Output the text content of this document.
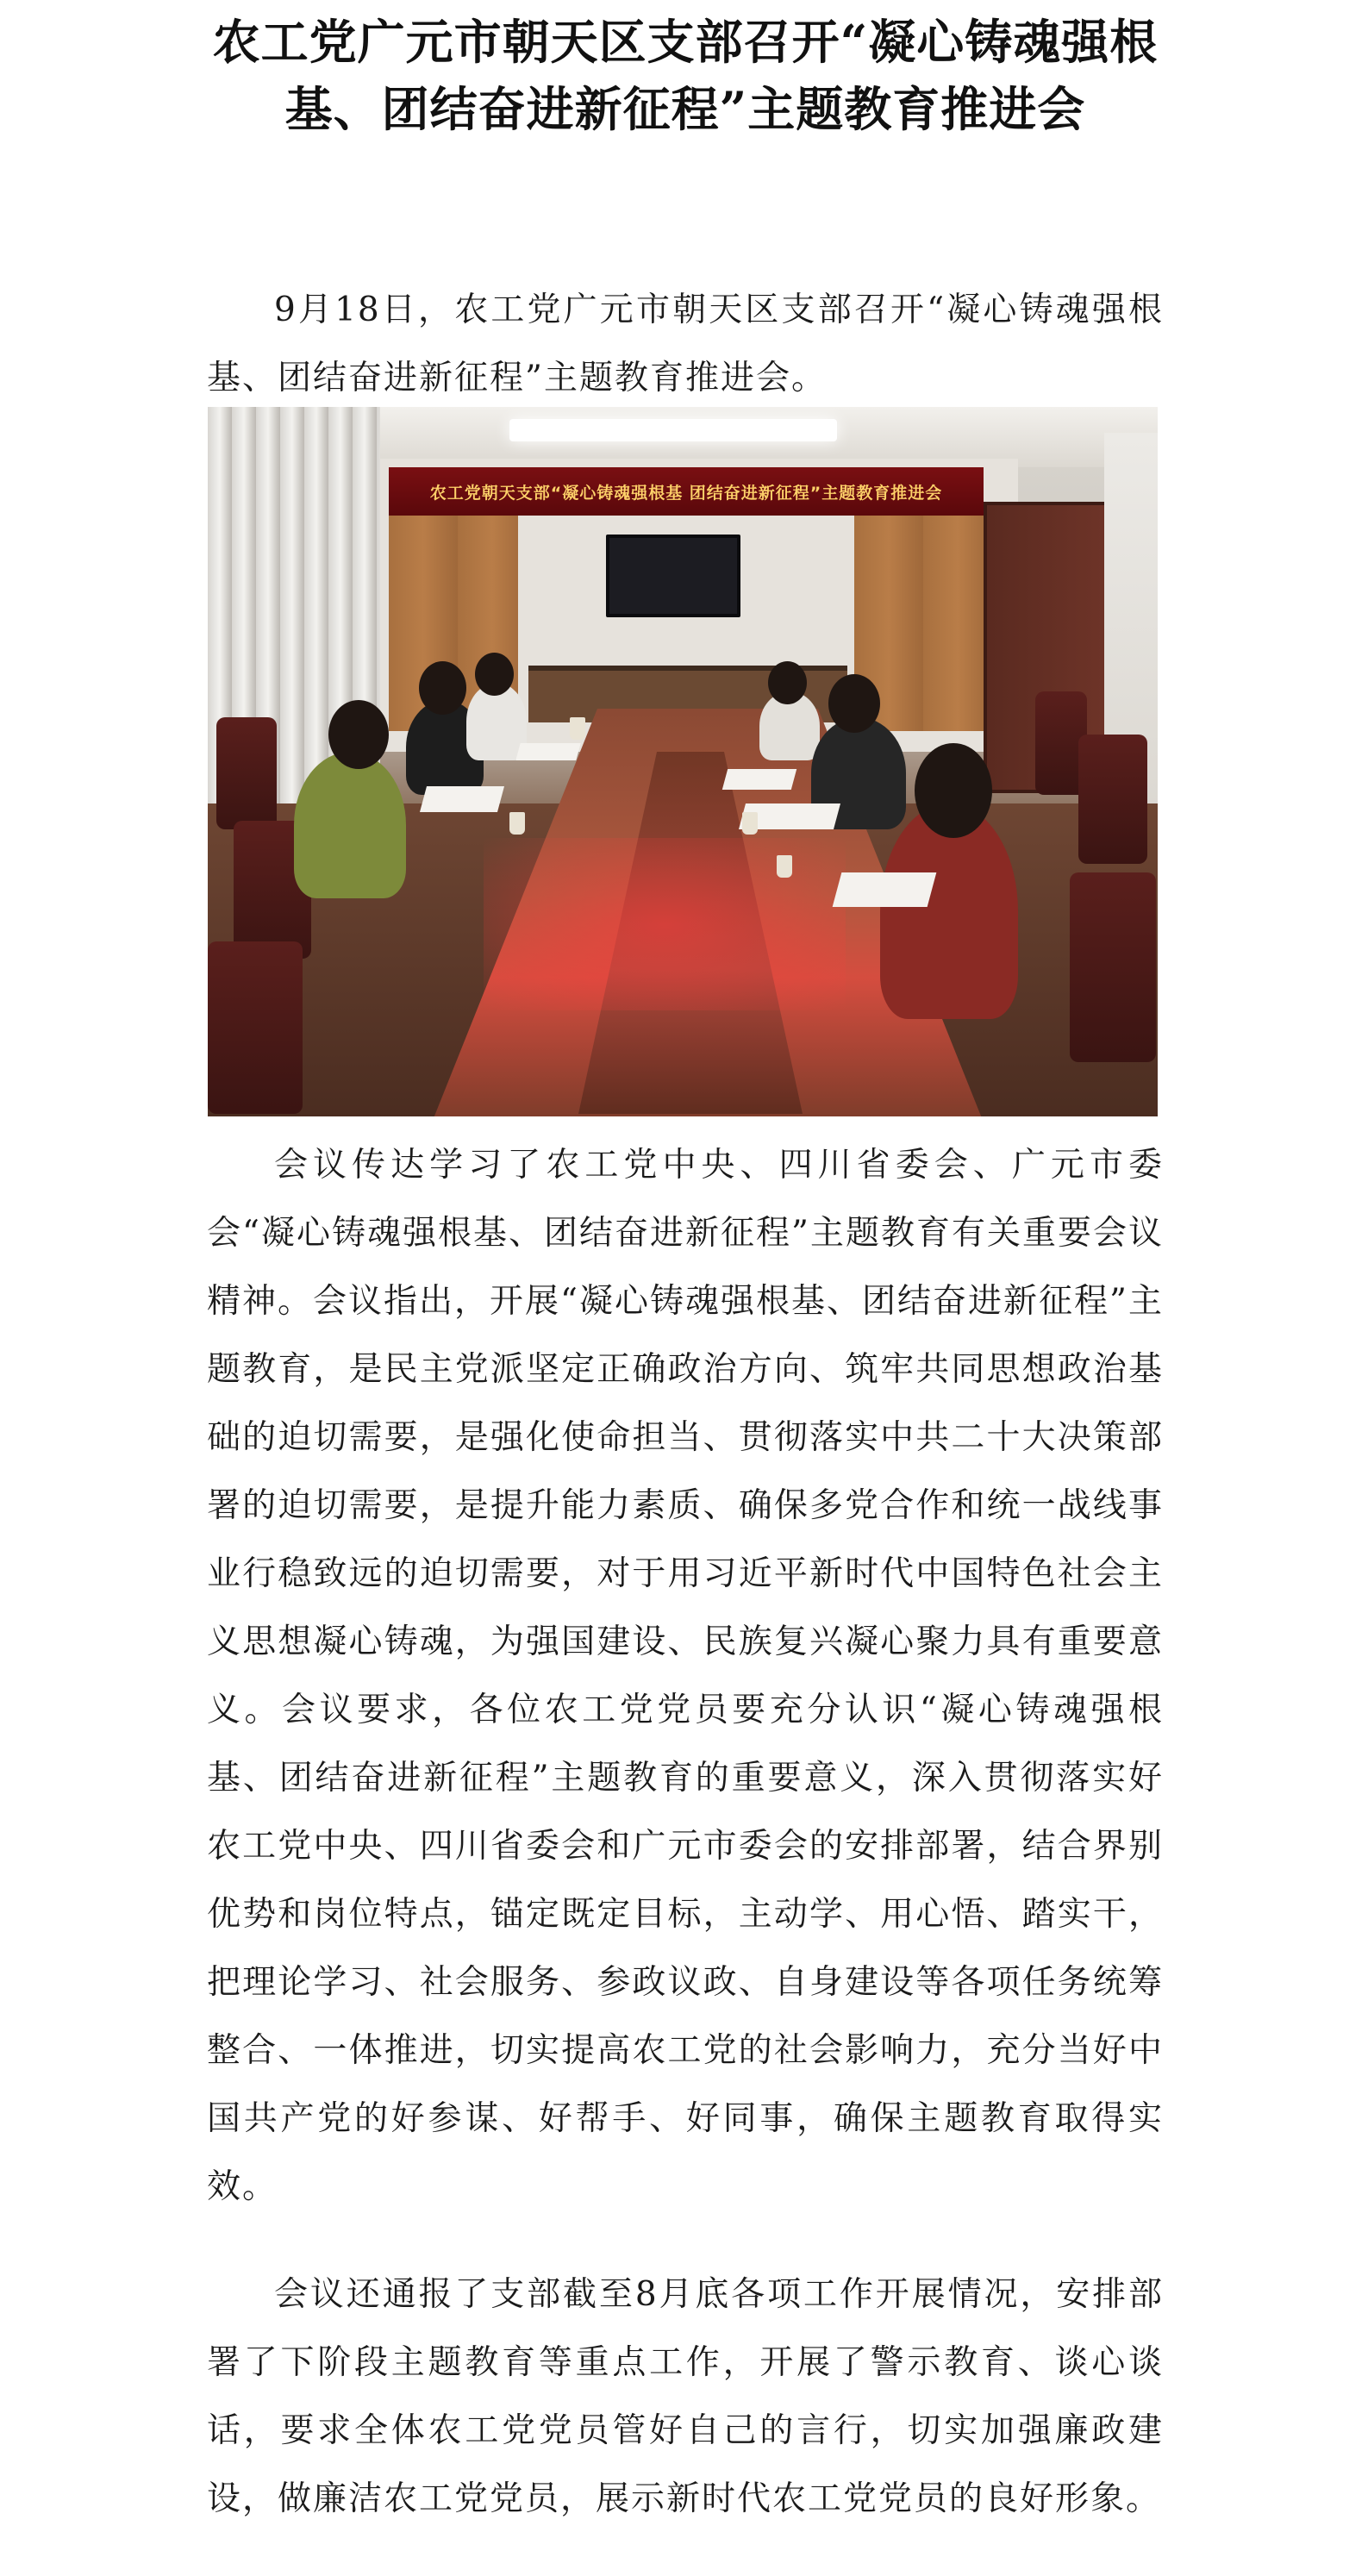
农工党广元市朝天区支部召开“凝心铸魂强根基、团结奋进新征程”主题教育推进会

9月18日，农工党广元市朝天区支部召开“凝心铸魂强根基、团结奋进新征程”主题教育推进会。

农工党朝天支部“凝心铸魂强根基 团结奋进新征程”主题教育推进会

会议传达学习了农工党中央、四川省委会、广元市委会“凝心铸魂强根基、团结奋进新征程”主题教育有关重要会议精神。会议指出，开展“凝心铸魂强根基、团结奋进新征程”主题教育，是民主党派坚定正确政治方向、筑牢共同思想政治基础的迫切需要，是强化使命担当、贯彻落实中共二十大决策部署的迫切需要，是提升能力素质、确保多党合作和统一战线事业行稳致远的迫切需要，对于用习近平新时代中国特色社会主义思想凝心铸魂，为强国建设、民族复兴凝心聚力具有重要意义。会议要求，各位农工党党员要充分认识“凝心铸魂强根基、团结奋进新征程”主题教育的重要意义，深入贯彻落实好农工党中央、四川省委会和广元市委会的安排部署，结合界别优势和岗位特点，锚定既定目标，主动学、用心悟、踏实干，把理论学习、社会服务、参政议政、自身建设等各项任务统筹整合、一体推进，切实提高农工党的社会影响力，充分当好中国共产党的好参谋、好帮手、好同事，确保主题教育取得实效。

会议还通报了支部截至8月底各项工作开展情况，安排部署了下阶段主题教育等重点工作，开展了警示教育、谈心谈话，要求全体农工党党员管好自己的言行，切实加强廉政建设，做廉洁农工党党员，展示新时代农工党党员的良好形象。
